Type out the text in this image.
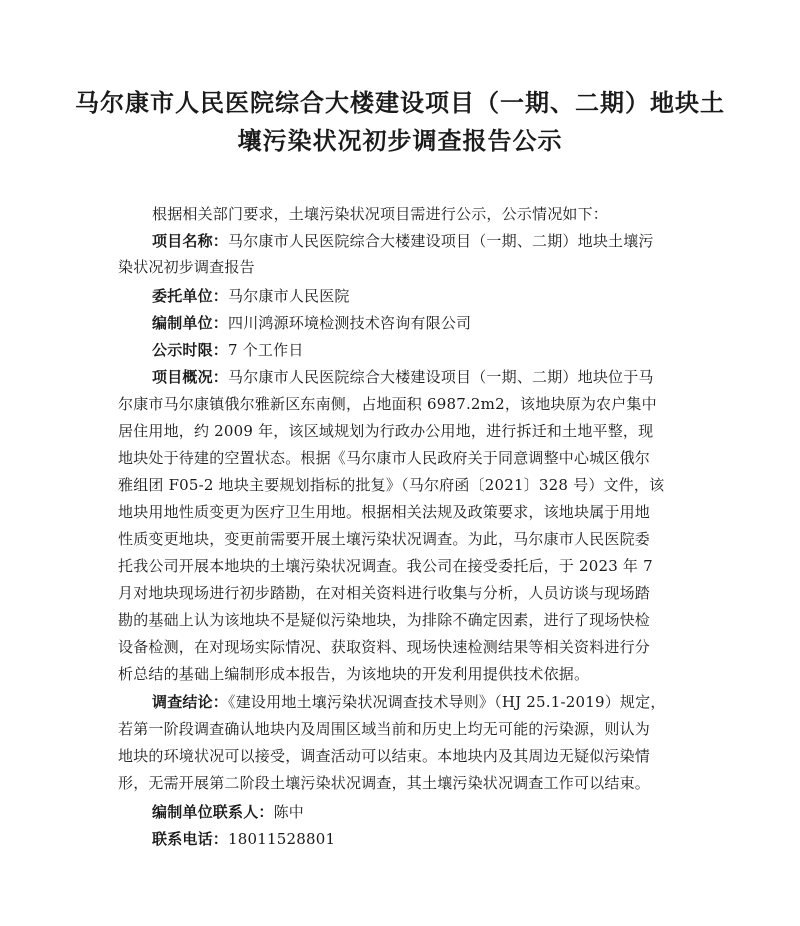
马尔康市人民医院综合大楼建设项目（一期、二期）地块土
壤污染状况初步调查报告公示
根据相关部门要求，土壤污染状况项目需进行公示，公示情况如下：
项目名称：马尔康市人民医院综合大楼建设项目（一期、二期）地块土壤污
染状况初步调查报告
委托单位：马尔康市人民医院
编制单位：四川鸿源环境检测技术咨询有限公司
公示时限：7 个工作日
项目概况：马尔康市人民医院综合大楼建设项目（一期、二期）地块位于马
尔康市马尔康镇俄尔雅新区东南侧，占地面积 6987.2m2，该地块原为农户集中
居住用地，约 2009 年，该区域规划为行政办公用地，进行拆迁和土地平整，现
地块处于待建的空置状态。根据《马尔康市人民政府关于同意调整中心城区俄尔
雅组团 F05-2 地块主要规划指标的批复》（马尔府函〔2021〕328 号）文件，该
地块用地性质变更为医疗卫生用地。根据相关法规及政策要求，该地块属于用地
性质变更地块，变更前需要开展土壤污染状况调查。为此，马尔康市人民医院委
托我公司开展本地块的土壤污染状况调查。我公司在接受委托后，于 2023 年 7
月对地块现场进行初步踏勘，在对相关资料进行收集与分析，人员访谈与现场踏
勘的基础上认为该地块不是疑似污染地块，为排除不确定因素，进行了现场快检
设备检测，在对现场实际情况、获取资料、现场快速检测结果等相关资料进行分
析总结的基础上编制形成本报告，为该地块的开发利用提供技术依据。
调查结论：《建设用地土壤污染状况调查技术导则》（HJ 25.1-2019）规定，
若第一阶段调查确认地块内及周围区域当前和历史上均无可能的污染源，则认为
地块的环境状况可以接受，调查活动可以结束。本地块内及其周边无疑似污染情
形，无需开展第二阶段土壤污染状况调查，其土壤污染状况调查工作可以结束。
编制单位联系人：陈中
联系电话：18011528801
